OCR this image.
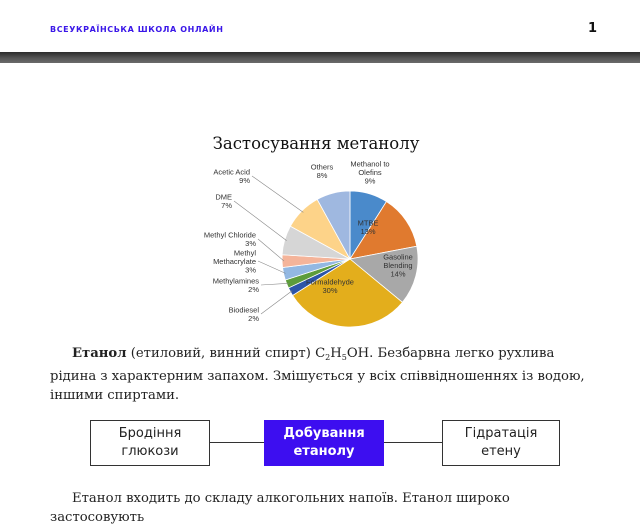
ВСЕУКРАЇНСЬКА ШКОЛА ОНЛАЙН	1
Застосування метанолу
Methanol to Olefins 9%
MTBE 13%
Gasoline Blending 14%
Formaldehyde 30%
Biodiesel 2%
Methylamines 2%
Methyl Methacrylate 3%
Methyl Chloride 3%
DME 7%
Acetic Acid 9%
Others 8%
Етанол (етиловий, винний спирт) $C_2H_5OH$. Безбарвна легко рухлива рідина з характерним запахом. Змішується у всіх співвідношеннях із водою, іншими спиртами.
Бродіння
глюкози
Добування
етанолу
Гідратація
етену
Етанол входить до складу алкогольних напоїв. Етанол широко застосовують
